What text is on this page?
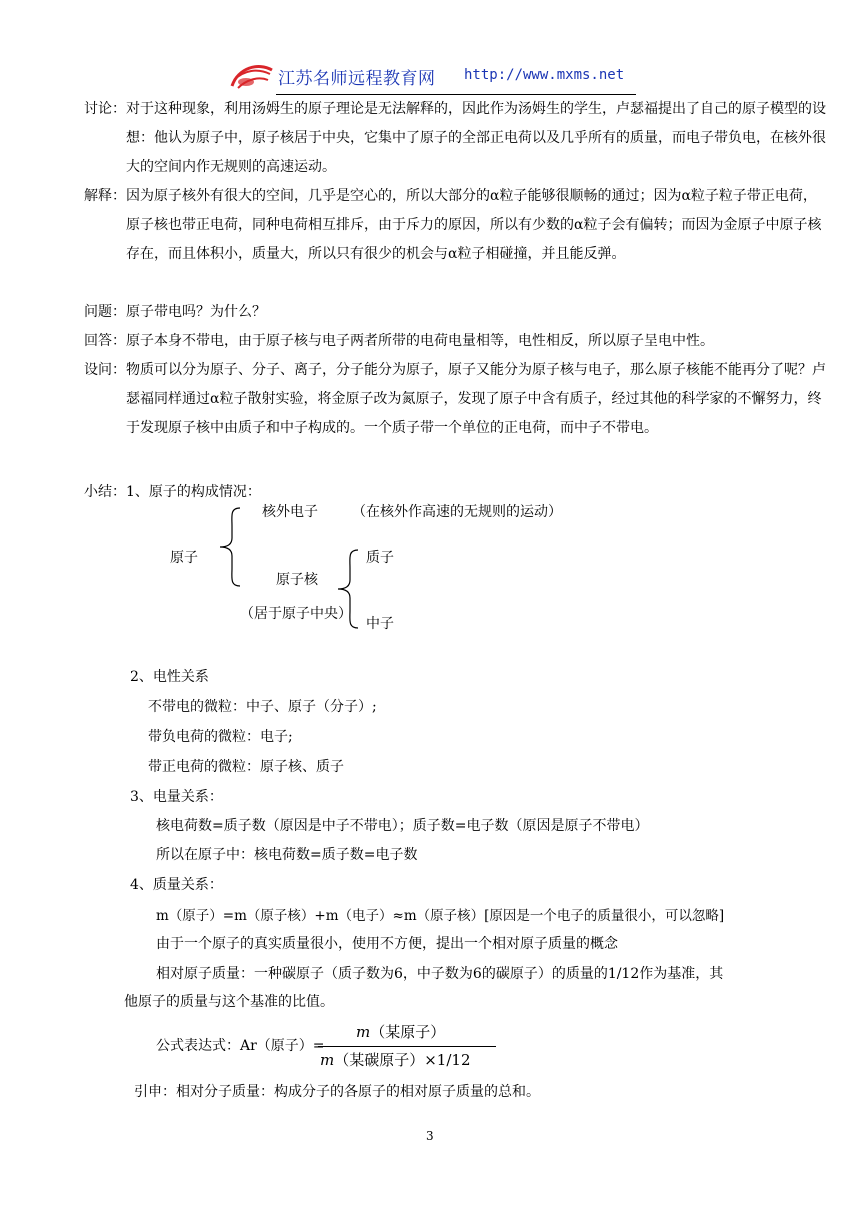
江苏名师远程教育网 http://www.mxms.net
讨论：对于这种现象，利用汤姆生的原子理论是无法解释的，因此作为汤姆生的学生，卢瑟福提出了自己的原子模型的设想：他认为原子中，原子核居于中央，它集中了原子的全部正电荷以及几乎所有的质量，而电子带负电，在核外很大的空间内作无规则的高速运动。
解释：因为原子核外有很大的空间，几乎是空心的，所以大部分的α粒子能够很顺畅的通过；因为α粒子粒子带正电荷，原子核也带正电荷，同种电荷相互排斥，由于斥力的原因，所以有少数的α粒子会有偏转；而因为金原子中原子核存在，而且体积小，质量大，所以只有很少的机会与α粒子相碰撞，并且能反弹。
问题：原子带电吗？为什么？
回答：原子本身不带电，由于原子核与电子两者所带的电荷电量相等，电性相反，所以原子呈电中性。
设问：物质可以分为原子、分子、离子，分子能分为原子，原子又能分为原子核与电子，那么原子核能不能再分了呢？卢瑟福同样通过α粒子散射实验，将金原子改为氮原子，发现了原子中含有质子，经过其他的科学家的不懈努力，终于发现原子核中由质子和中子构成的。一个质子带一个单位的正电荷，而中子不带电。
小结：1、原子的构成情况：
原子
核外电子 （在核外作高速的无规则的运动）
原子核
（居于原子中央）
质子
中子
2、电性关系
不带电的微粒：中子、原子（分子）;
带负电荷的微粒：电子;
带正电荷的微粒：原子核、质子
3、电量关系：
核电荷数=质子数（原因是中子不带电）；质子数=电子数（原因是原子不带电）
所以在原子中：核电荷数=质子数=电子数
4、质量关系：
m（原子）=m（原子核）+m（电子）≈m（原子核）[原因是一个电子的质量很小，可以忽略]
由于一个原子的真实质量很小，使用不方便，提出一个相对原子质量的概念
相对原子质量：一种碳原子（质子数为6，中子数为6的碳原子）的质量的1/12作为基准，其
他原子的质量与这个基准的比值。
公式表达式：Ar（原子）=
m（某原子）
m（某碳原子）×1/12
引申：相对分子质量：构成分子的各原子的相对原子质量的总和。
3
